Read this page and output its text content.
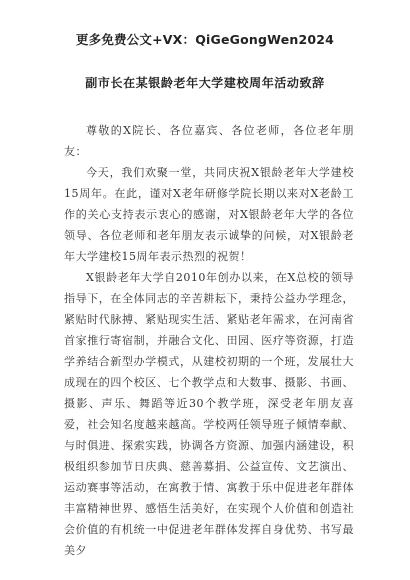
更多免费公文+VX：QiGeGongWen2024
副市长在某银龄老年大学建校周年活动致辞

尊敬的X院长、各位嘉宾、各位老师，各位老年朋友：

今天，我们欢聚一堂，共同庆祝X银龄老年大学建校15周年。在此，谨对X老年研修学院长期以来对X老龄工作的关心支持表示衷心的感谢，对X银龄老年大学的各位领导、各位老师和老年朋友表示诚挚的问候，对X银龄老年大学建校15周年表示热烈的祝贺！

X银龄老年大学自2010年创办以来，在X总校的领导指导下，在全体同志的辛苦耕耘下，秉持公益办学理念，紧贴时代脉搏、紧贴现实生活、紧贴老年需求，在河南省首家推行寄宿制，并融合文化、田园、医疗等资源，打造学养结合新型办学模式，从建校初期的一个班，发展壮大成现在的四个校区、七个教学点和大数事、摄影、书画、摄影、声乐、舞蹈等近30个教学班，深受老年朋友喜爱，社会知名度越来越高。学校两任领导班子倾情奉献、与时俱进、探索实践，协调各方资源、加强内涵建设，积极组织参加节日庆典、慈善募捐、公益宣传、文艺演出、运动赛事等活动，在寓教于情、寓教于乐中促进老年群体丰富精神世界、感悟生活美好，在实现个人价值和创造社会价值的有机统一中促进老年群体发挥自身优势、书写最美夕
